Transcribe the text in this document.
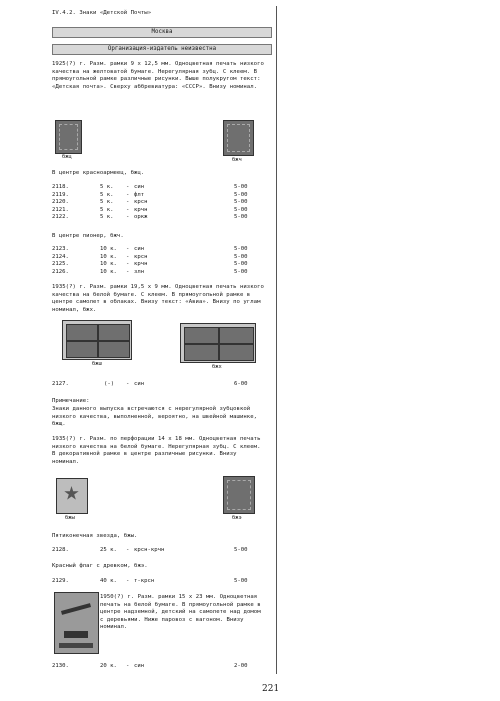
IV.4.2. Знаки «Детской Почты»
Москва
Организация-издатель неизвестна
1925(?) г. Разм. рамки 9 x 12,5 мм. Одноцветная печать низкого качества на желтоватой бумаге. Нерегулярная зубц. С клеем. В прямоугольной рамке различные рисунки. Выше полукругом текст: «Детская почта». Сверху аббревиатура: «СССР». Внизу номинал.
бжц	бжч
В центре красноармеец, бжц.
2118.	5 к. - син	5-00
2119.	5 к. - флт	5-00
2120.	5 к. - крсн	5-00
2121.	5 к. - крчн	5-00
2122.	5 к. - оркж	5-00
В центре пионер, бжч.
2123.	10 к. - син	5-00
2124.	10 к. - крсн	5-00
2125.	10 к. - крчн	5-00
2126.	10 к. - злн	5-00
1935(?) г. Разм. рамки 19,5 x 9 мм. Одноцветная печать низкого качества на белой бумаге. С клеем. В прямоугольной рамке в центре самолет в облаках. Внизу текст: «Авиа». Внизу по углам номинал, бжх.
бжш	бжх
2127.	(-) - син	6-00
Примечание:
Знаки данного выпуска встречаются с нерегулярной зубцовкой низкого качества, выполненной, вероятно, на швейной машинке, бжщ.
1935(?) г. Разм. по перфорации 14 x 18 мм. Одноцветная печать низкого качества на белой бумаге. Нерегулярная зубц. С клеем. В декоративной рамке в центре различные рисунки. Внизу номинал.
бжы	бжэ
Пятиконечная звезда, бжы.
2128.	25 к. - крсн-крчн	5-00
Красный флаг с древком, бжэ.
2129.	40 к. - т-крсн	5-00
1950(?) г. Разм. рамки 15 x 23 мм. Одноцветная печать на белой бумаге. В прямоугольной рамке в центре надземной, детский на самолете над домом с деревьями. Ниже паровоз с вагоном. Внизу номинал.
2130.	20 к. - син	2-00
221
